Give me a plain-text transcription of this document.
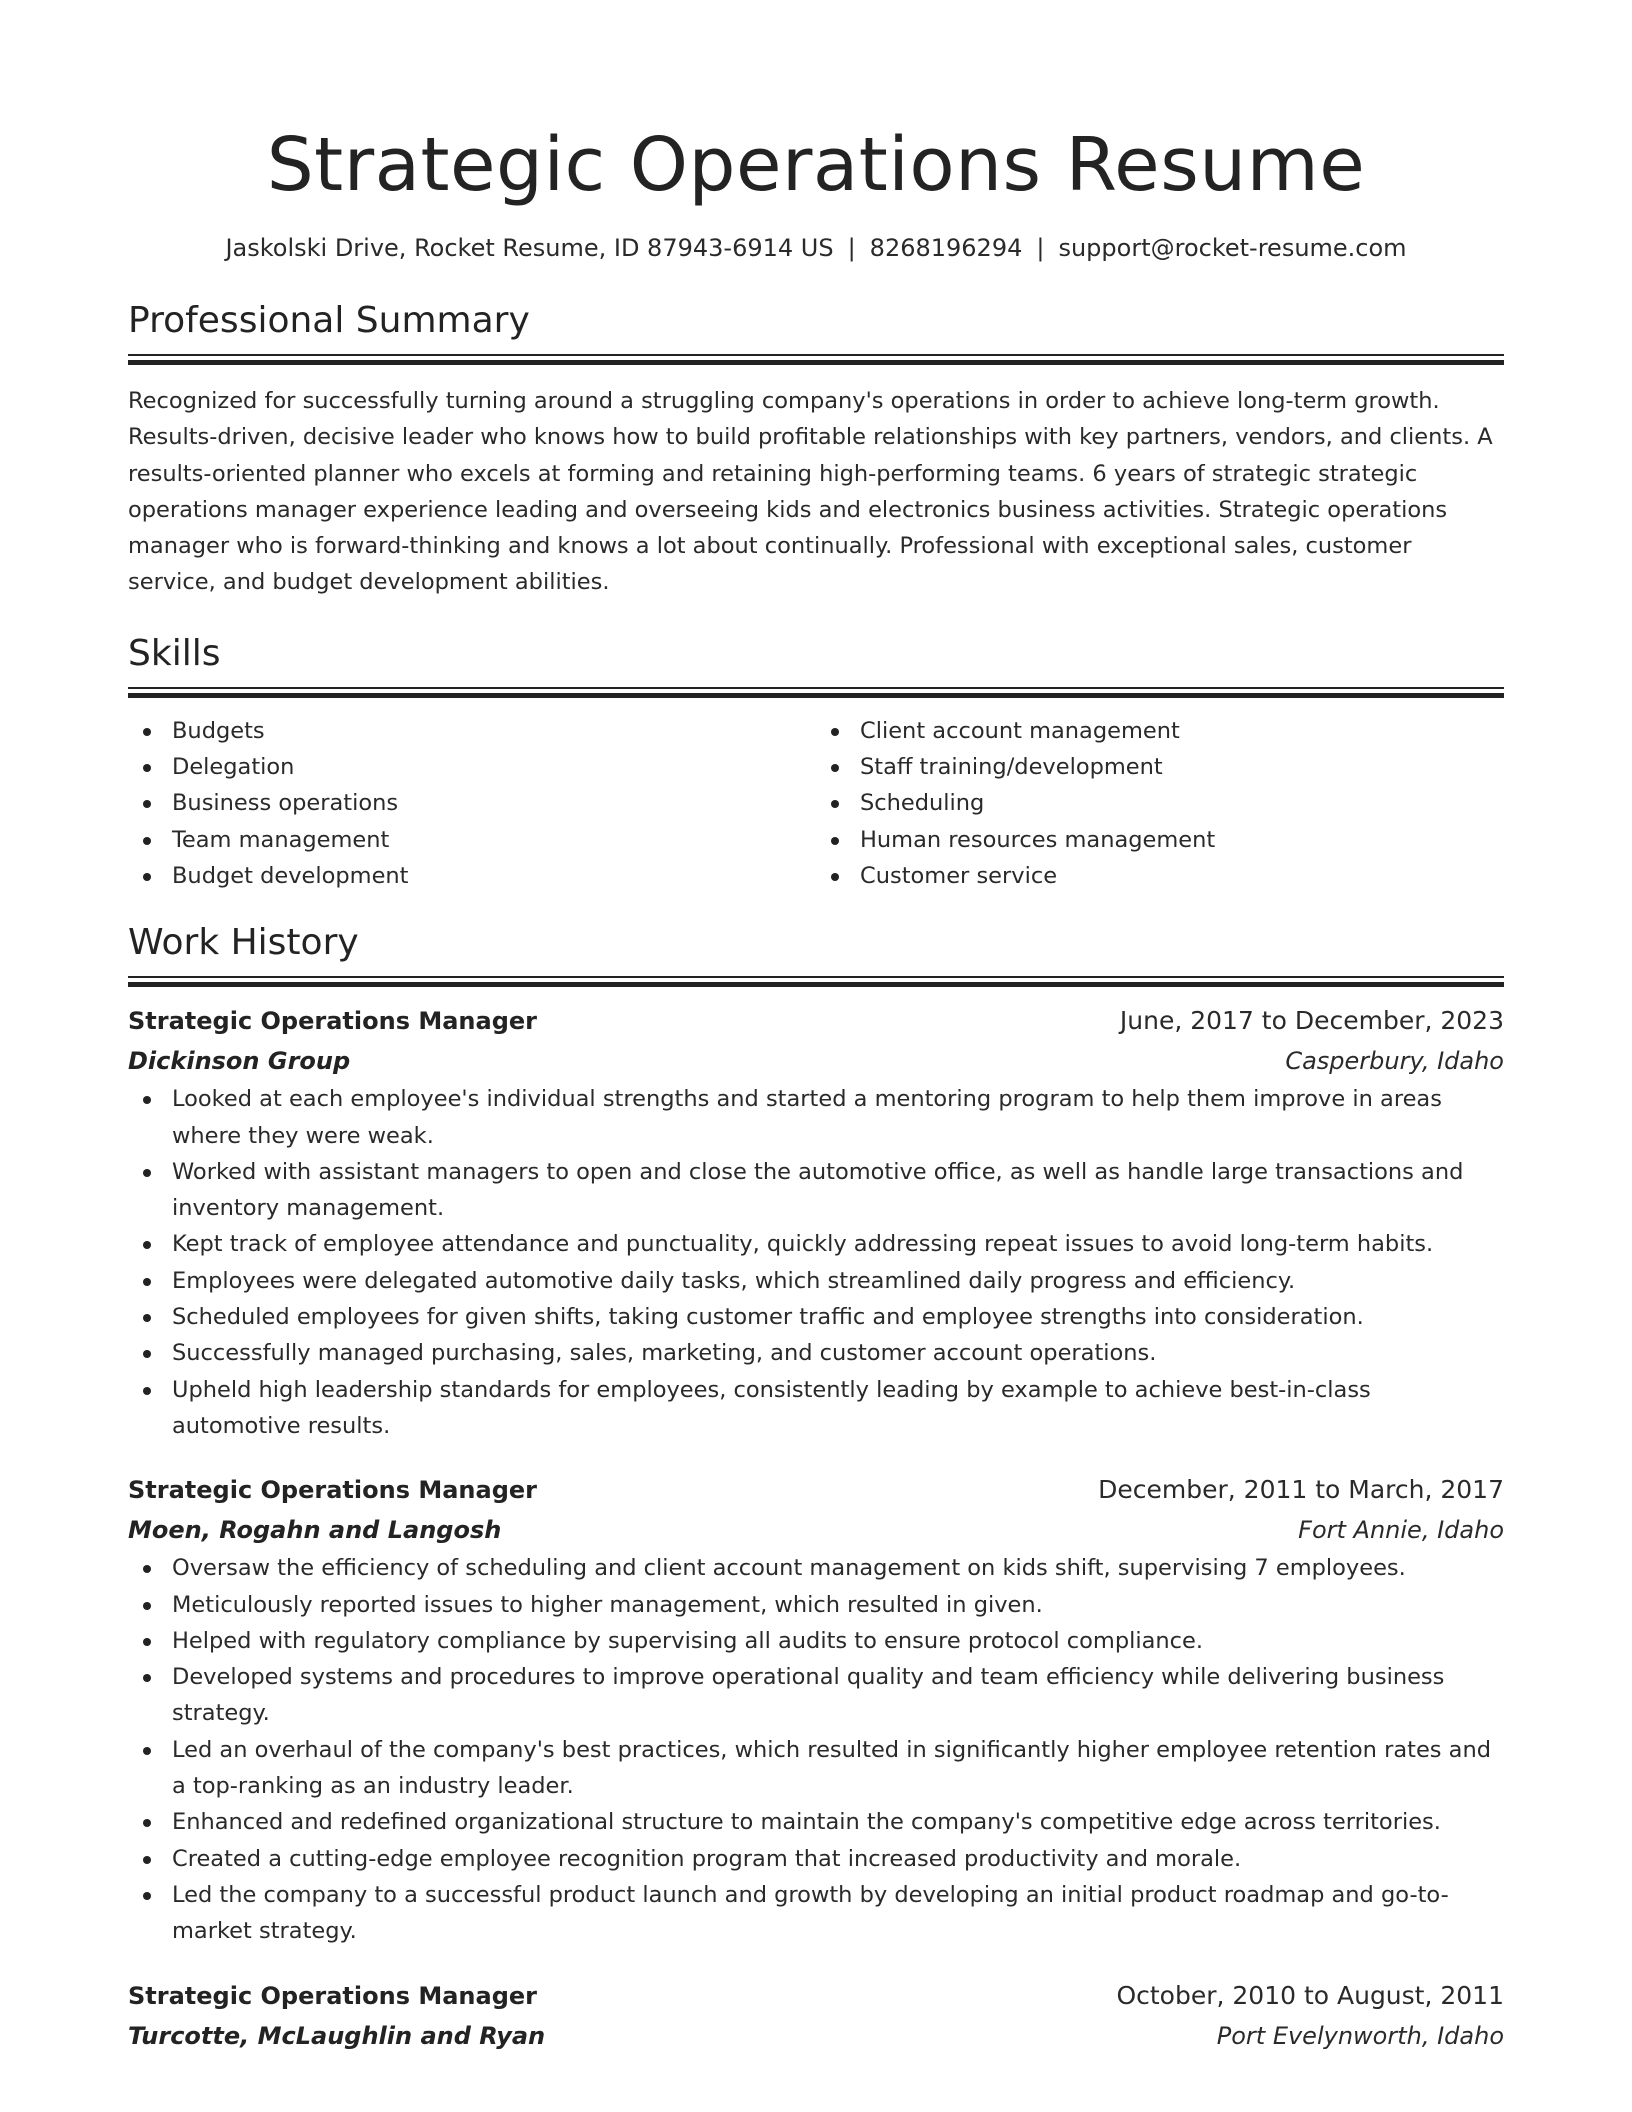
Strategic Operations Resume
Jaskolski Drive, Rocket Resume, ID 87943-6914 US | 8268196294 | support@rocket-resume.com
Professional Summary

Recognized for successfully turning around a struggling company's operations in order to achieve long-term growth. Results-driven, decisive leader who knows how to build profitable relationships with key partners, vendors, and clients. A results-oriented planner who excels at forming and retaining high-performing teams. 6 years of strategic strategic operations manager experience leading and overseeing kids and electronics business activities. Strategic operations manager who is forward-thinking and knows a lot about continually. Professional with exceptional sales, customer service, and budget development abilities.

Skills
Budgets
Delegation
Business operations
Team management
Budget development
Client account management
Staff training/development
Scheduling
Human resources management
Customer service
Work History
Strategic Operations Manager	June, 2017 to December, 2023
Dickinson Group	Casperbury, Idaho
Looked at each employee's individual strengths and started a mentoring program to help them improve in areas where they were weak.
Worked with assistant managers to open and close the automotive office, as well as handle large transactions and inventory management.
Kept track of employee attendance and punctuality, quickly addressing repeat issues to avoid long-term habits.
Employees were delegated automotive daily tasks, which streamlined daily progress and efficiency.
Scheduled employees for given shifts, taking customer traffic and employee strengths into consideration.
Successfully managed purchasing, sales, marketing, and customer account operations.
Upheld high leadership standards for employees, consistently leading by example to achieve best-in-class automotive results.
Strategic Operations Manager	December, 2011 to March, 2017
Moen, Rogahn and Langosh	Fort Annie, Idaho
Oversaw the efficiency of scheduling and client account management on kids shift, supervising 7 employees.
Meticulously reported issues to higher management, which resulted in given.
Helped with regulatory compliance by supervising all audits to ensure protocol compliance.
Developed systems and procedures to improve operational quality and team efficiency while delivering business strategy.
Led an overhaul of the company's best practices, which resulted in significantly higher employee retention rates and a top-ranking as an industry leader.
Enhanced and redefined organizational structure to maintain the company's competitive edge across territories.
Created a cutting-edge employee recognition program that increased productivity and morale.
Led the company to a successful product launch and growth by developing an initial product roadmap and go-to-market strategy.
Strategic Operations Manager	October, 2010 to August, 2011
Turcotte, McLaughlin and Ryan	Port Evelynworth, Idaho
